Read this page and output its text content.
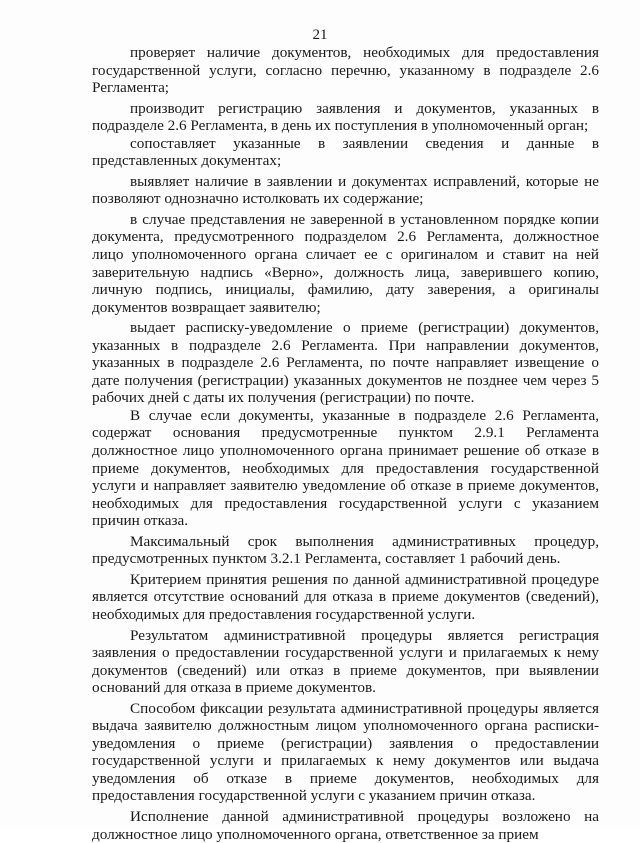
21

проверяет наличие документов, необходимых для предоставления государственной услуги, согласно перечню, указанному в подразделе 2.6 Регламента;

производит регистрацию заявления и документов, указанных в подразделе 2.6 Регламента, в день их поступления в уполномоченный орган;

сопоставляет указанные в заявлении сведения и данные в представленных документах;

выявляет наличие в заявлении и документах исправлений, которые не позволяют однозначно истолковать их содержание;

в случае представления не заверенной в установленном порядке копии документа, предусмотренного подразделом 2.6 Регламента, должностное лицо уполномоченного органа сличает ее с оригиналом и ставит на ней заверительную надпись «Верно», должность лица, заверившего копию, личную подпись, инициалы, фамилию, дату заверения, а оригиналы документов возвращает заявителю;

выдает расписку-уведомление о приеме (регистрации) документов, указанных в подразделе 2.6 Регламента. При направлении документов, указанных в подразделе 2.6 Регламента, по почте направляет извещение о дате получения (регистрации) указанных документов не позднее чем через 5 рабочих дней с даты их получения (регистрации) по почте.

В случае если документы, указанные в подразделе 2.6 Регламента, содержат основания предусмотренные пунктом 2.9.1 Регламента должностное лицо уполномоченного органа принимает решение об отказе в приеме документов, необходимых для предоставления государственной услуги и направляет заявителю уведомление об отказе в приеме документов, необходимых для предоставления государственной услуги с указанием причин отказа.

Максимальный срок выполнения административных процедур, предусмотренных пунктом 3.2.1 Регламента, составляет 1 рабочий день.

Критерием принятия решения по данной административной процедуре является отсутствие оснований для отказа в приеме документов (сведений), необходимых для предоставления государственной услуги.

Результатом административной процедуры является регистрация заявления о предоставлении государственной услуги и прилагаемых к нему документов (сведений) или отказ в приеме документов, при выявлении оснований для отказа в приеме документов.

Способом фиксации результата административной процедуры является выдача заявителю должностным лицом уполномоченного органа расписки-уведомления о приеме (регистрации) заявления о предоставлении государственной услуги и прилагаемых к нему документов или выдача уведомления об отказе в приеме документов, необходимых для предоставления государственной услуги с указанием причин отказа.

Исполнение данной административной процедуры возложено на должностное лицо уполномоченного органа, ответственное за прием
